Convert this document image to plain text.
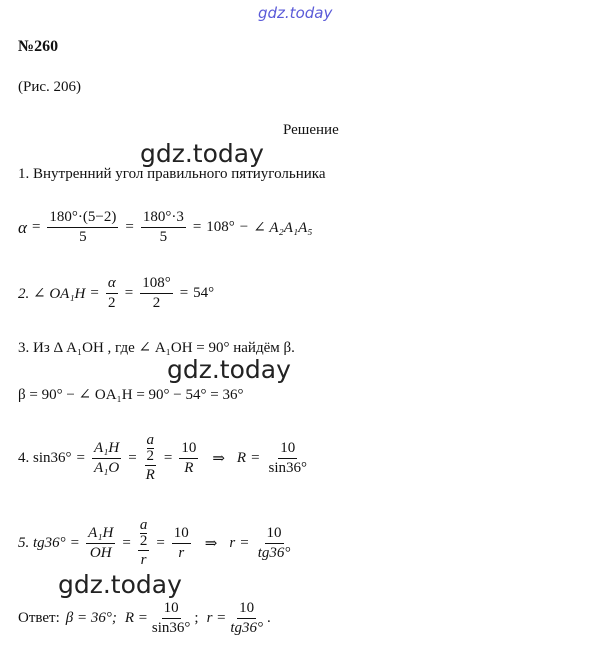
gdz.today
gdz.today
gdz.today
gdz.today
№260
(Рис. 206)
Решение
1. Внутренний угол правильного пятиугольника
$\alpha = \frac{180^\circ\cdot(5-2)}{5} = \frac{180^\circ\cdot 3}{5} = 108^\circ$ − ∠ A₂A₁A₅
2. ∠ $OA_1H = \frac{\alpha}{2} = \frac{108^\circ}{2} = 54^\circ$
3. Из Δ A₁OH , где ∠ A₁OH = 90° найдём β.
β = 90° − ∠ OA₁H = 90° − 54° = 36°
4. $\sin 36^\circ = \frac{\text{A₁H}}{\text{A₁O}} = a$
2
$R = \frac{10}{R}$ ⇒ $R = \frac{10}{\sin 36^\circ}$
5. $tg36^\circ = \frac{\text{A₁H}}{OH} = a$
2
$r = \frac{10}{r}$ ⇒ $r = \frac{10}{tg36^\circ}$
Ответ: β = 36°; $R = \frac{10}{\sin 36^\circ}$ ; $r = \frac{10}{tg36^\circ}$ .
